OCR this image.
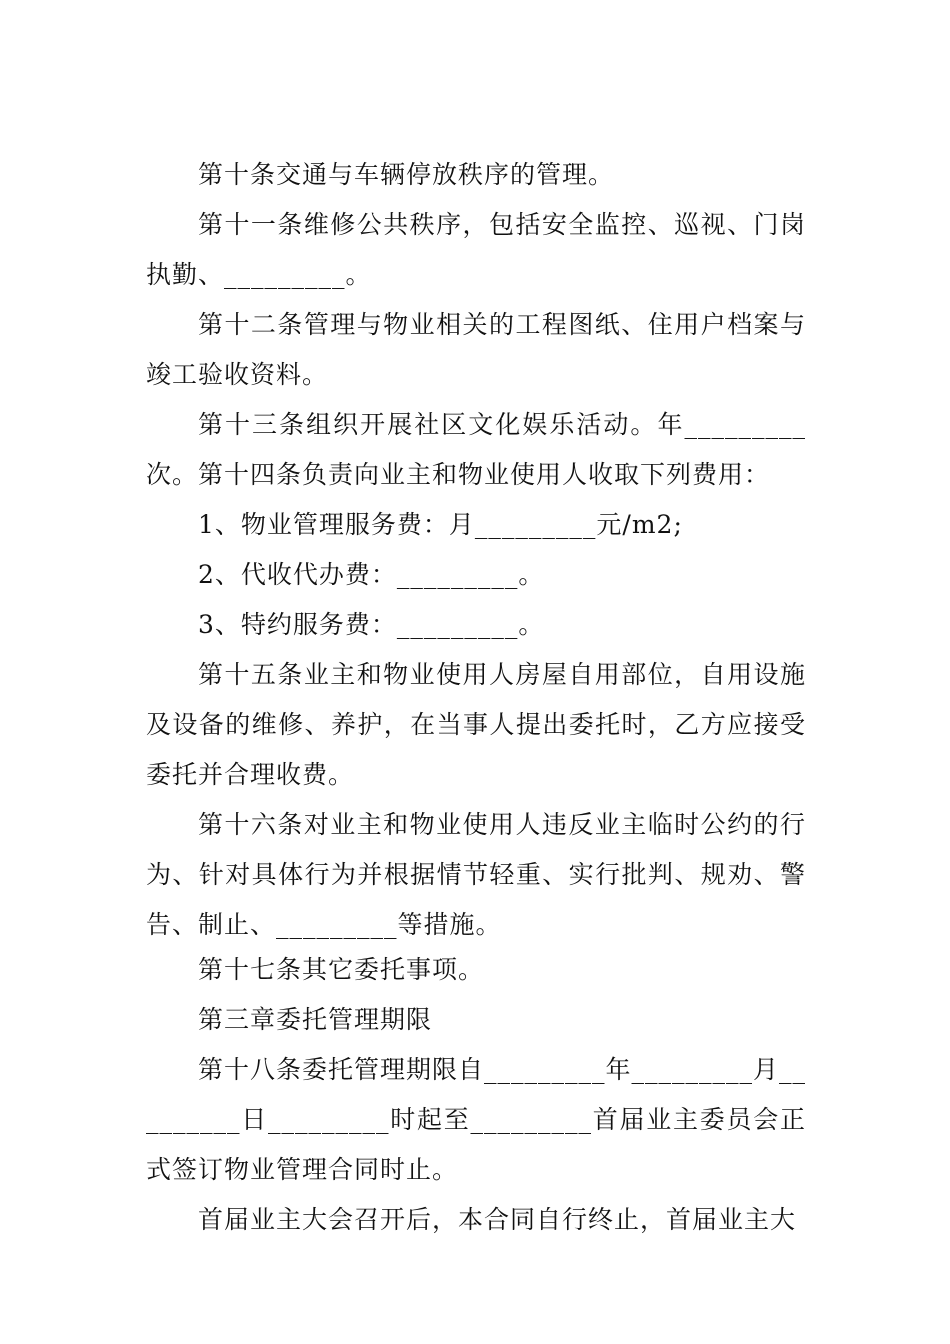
第十条交通与车辆停放秩序的管理。

第十一条维修公共秩序，包括安全监控、巡视、门岗执勤、_________。

第十二条管理与物业相关的工程图纸、住用户档案与竣工验收资料。

第十三条组织开展社区文化娱乐活动。年_________次。 第十四条负责向业主和物业使用人收取下列费用：

1、物业管理服务费：月_________元/m2;

2、代收代办费：_________。

3、特约服务费：_________。

第十五条业主和物业使用人房屋自用部位，自用设施及设备的维修、养护，在当事人提出委托时，乙方应接受委托并合理收费。

第十六条对业主和物业使用人违反业主临时公约的行为、针对具体行为并根据情节轻重、实行批判、规劝、警告、制止、_________等措施。

第十七条其它委托事项。

第三章委托管理期限

第十八条委托管理期限自_________年_________月_________日_________时起至_________首届业主委员会正式签订物业管理合同时止。

首届业主大会召开后，本合同自行终止，首届业主大
